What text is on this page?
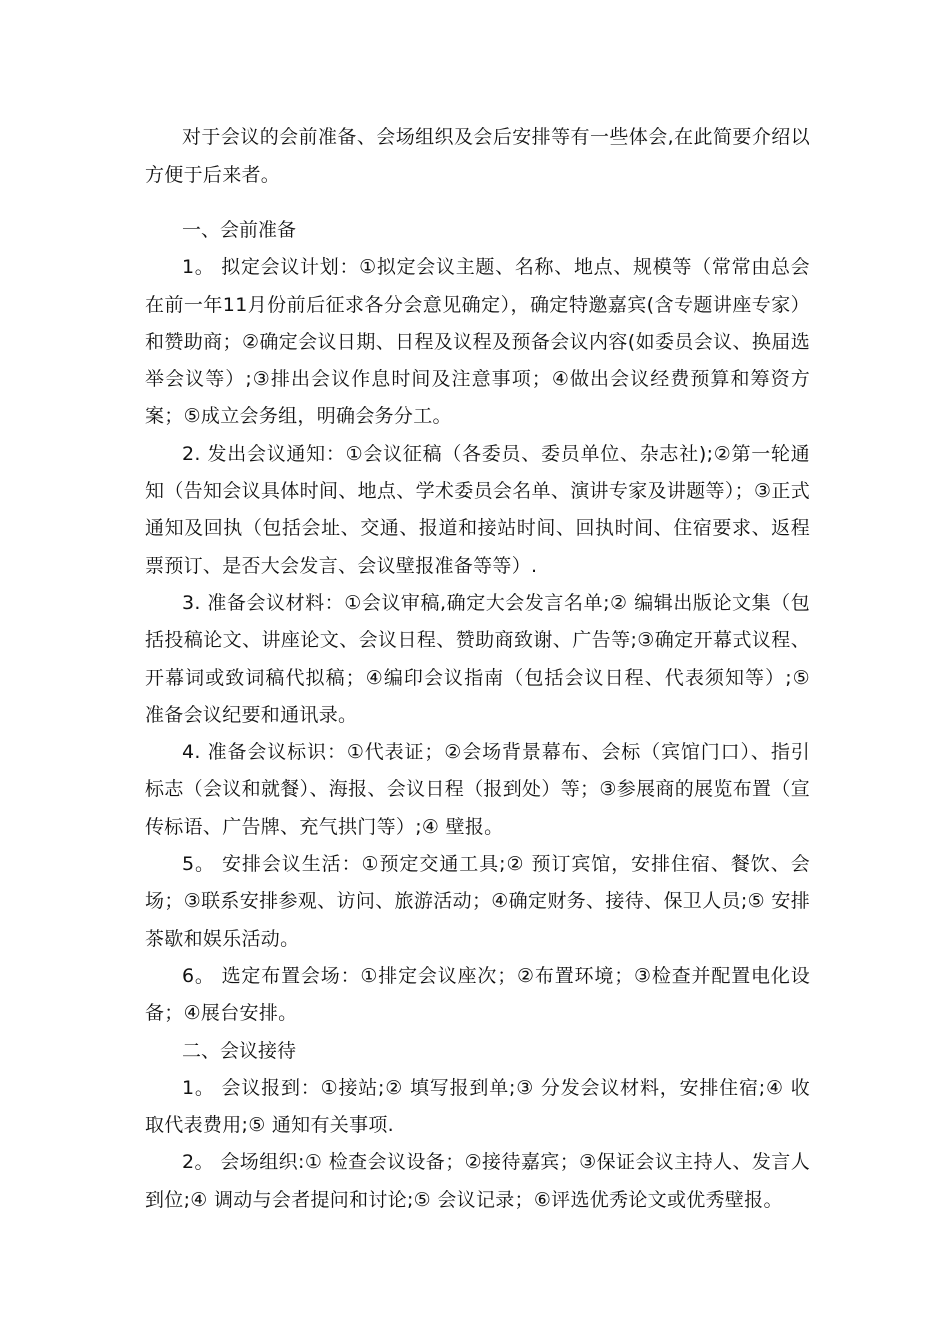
对于会议的会前准备、会场组织及会后安排等有一些体会,在此简要介绍以方便于后来者。

一、会前准备

1。 拟定会议计划：①拟定会议主题、名称、地点、规模等（常常由总会在前一年11月份前后征求各分会意见确定），确定特邀嘉宾(含专题讲座专家）和赞助商；②确定会议日期、日程及议程及预备会议内容(如委员会议、换届选举会议等）;③排出会议作息时间及注意事项；④做出会议经费预算和筹资方案；⑤成立会务组，明确会务分工。

2. 发出会议通知：①会议征稿（各委员、委员单位、杂志社);②第一轮通知（告知会议具体时间、地点、学术委员会名单、演讲专家及讲题等）；③正式通知及回执（包括会址、交通、报道和接站时间、回执时间、住宿要求、返程票预订、是否大会发言、会议壁报准备等等）.

3. 准备会议材料：①会议审稿,确定大会发言名单;② 编辑出版论文集（包括投稿论文、讲座论文、会议日程、赞助商致谢、广告等;③确定开幕式议程、开幕词或致词稿代拟稿；④编印会议指南（包括会议日程、代表须知等）;⑤ 准备会议纪要和通讯录。

4. 准备会议标识：①代表证；②会场背景幕布、会标（宾馆门口）、指引标志（会议和就餐）、海报、会议日程（报到处）等；③参展商的展览布置（宣传标语、广告牌、充气拱门等）;④ 壁报。

5。 安排会议生活：①预定交通工具;② 预订宾馆，安排住宿、餐饮、会场；③联系安排参观、访问、旅游活动；④确定财务、接待、保卫人员;⑤ 安排茶歇和娱乐活动。

6。 选定布置会场：①排定会议座次；②布置环境；③检查并配置电化设备；④展台安排。

二、会议接待

1。 会议报到：①接站;② 填写报到单;③ 分发会议材料，安排住宿;④ 收取代表费用;⑤ 通知有关事项.

2。 会场组织:① 检查会议设备；②接待嘉宾；③保证会议主持人、发言人到位;④ 调动与会者提问和讨论;⑤ 会议记录；⑥评选优秀论文或优秀壁报。
